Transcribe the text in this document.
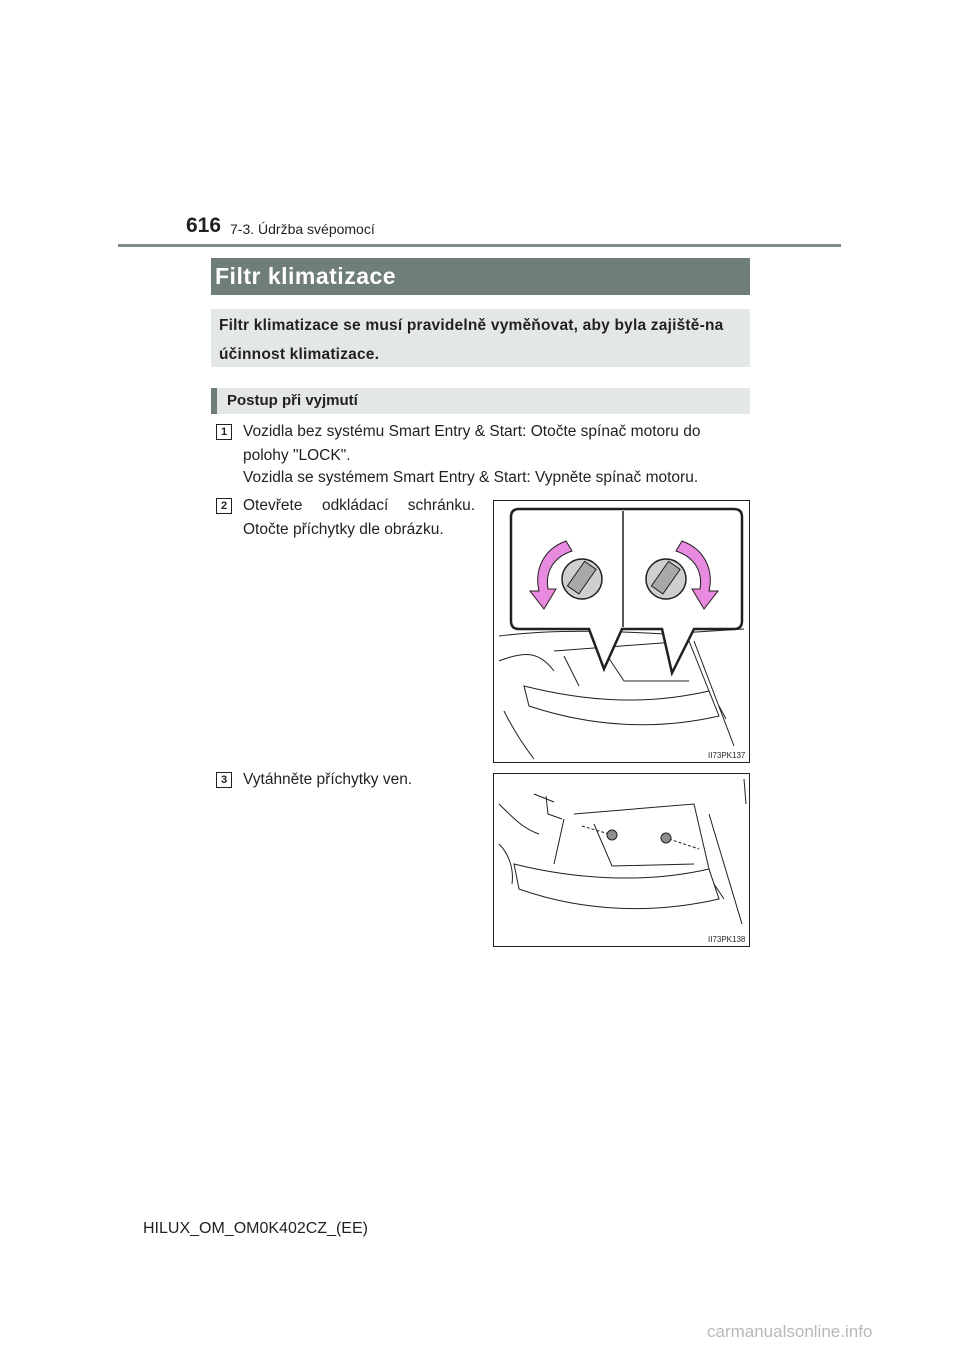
616 7-3. Údržba svépomocí
Filtr klimatizace
Filtr klimatizace se musí pravidelně vyměňovat, aby byla zajiště-na účinnost klimatizace.
Postup při vyjmutí
1	Vozidla bez systému Smart Entry & Start: Otočte spínač motoru do polohy "LOCK".
Vozidla se systémem Smart Entry & Start: Vypněte spínač motoru.
2	Otevřete odkládací schránku. Otočte příchytky dle obrázku.
II73PK137
3	Vytáhněte příchytky ven.
II73PK138
HILUX_OM_OM0K402CZ_(EE)
carmanualsonline.info
